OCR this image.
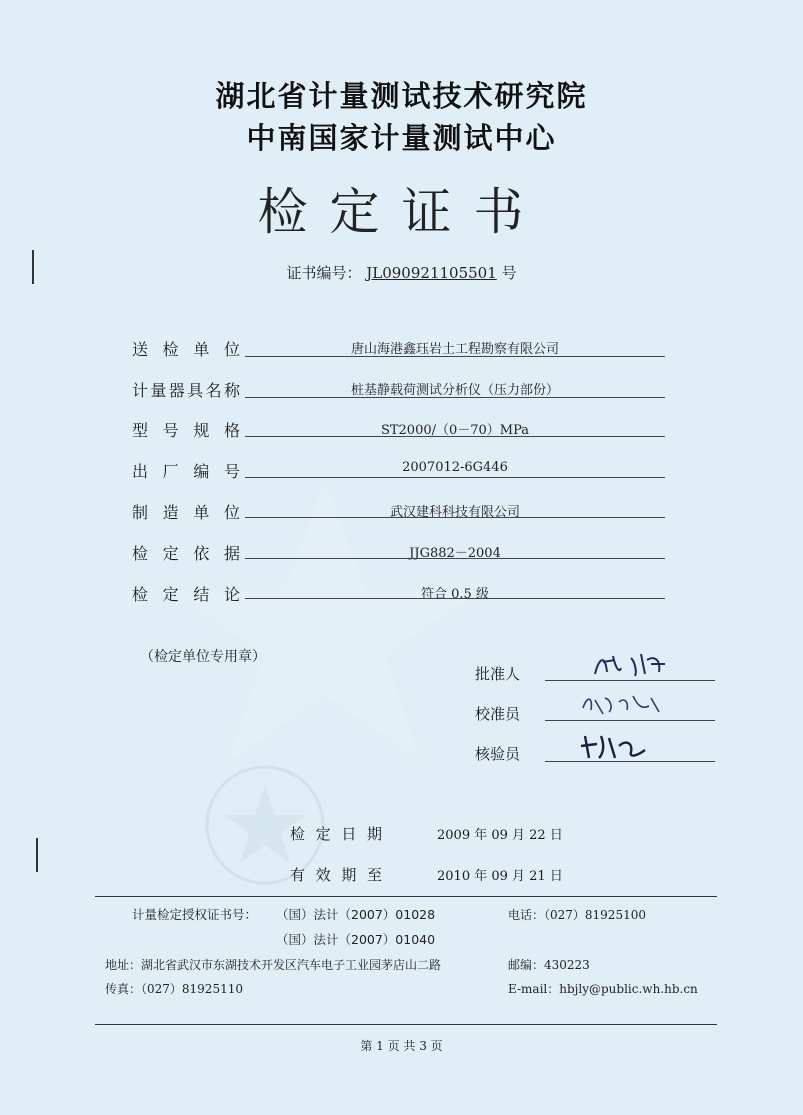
湖北省计量测试技术研究院
中南国家计量测试中心
检定证书
证书编号： JL090921105501 号
送检单位	唐山海港鑫珏岩土工程勘察有限公司
计量器具名称	桩基静载荷测试分析仪（压力部份）
型号规格	ST2000/（0－70）MPa
出厂编号	2007012-6G446
制造单位	武汉建科科技有限公司
检定依据	JJG882－2004
检定结论	符合 0.5 级
（检定单位专用章）
批准人
校准员
核验员
检定日期	2009 年 09 月 22 日
有效期至	2010 年 09 月 21 日
计量检定授权证书号： （国）法计（2007）01028
（国）法计（2007）01040
电话：（027）81925100
地址：湖北省武汉市东湖技术开发区汽车电子工业园茅店山二路	邮编：430223
传真：（027）81925110	E-mail：hbjly@public.wh.hb.cn
第 1 页 共 3 页
